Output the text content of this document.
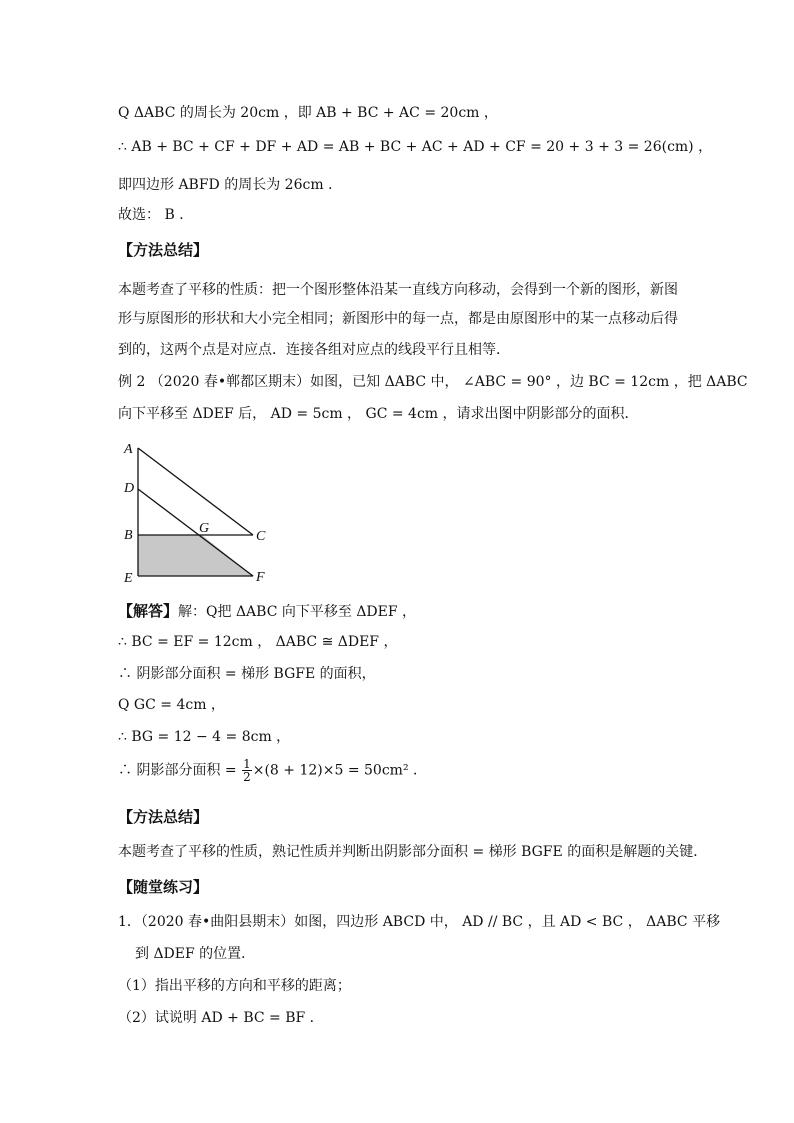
Q ΔABC 的周长为 20cm ，即 AB + BC + AC = 20cm ，
∴ AB + BC + CF + DF + AD = AB + BC + AC + AD + CF = 20 + 3 + 3 = 26(cm) ，
即四边形 ABFD 的周长为 26cm ．
故选： B ．
【方法总结】
本题考查了平移的性质：把一个图形整体沿某一直线方向移动，会得到一个新的图形，新图
形与原图形的形状和大小完全相同；新图形中的每一点，都是由原图形中的某一点移动后得
到的，这两个点是对应点．连接各组对应点的线段平行且相等．
例 2 （2020 春•郸都区期末）如图，已知 ΔABC 中， ∠ABC = 90° ，边 BC = 12cm ，把 ΔABC
向下平移至 ΔDEF 后， AD = 5cm ， GC = 4cm ，请求出图中阴影部分的面积．
A
D
B	G
C
E	F
【解答】解：Q把 ΔABC 向下平移至 ΔDEF ，
∴ BC = EF = 12cm ， ΔABC ≅ ΔDEF ，
∴ 阴影部分面积 = 梯形 BGFE 的面积，
Q GC = 4cm ，
∴ BG = 12 − 4 = 8cm ，
∴ 阴影部分面积 = $\frac{1}{2} \times(8 + 12)\times 5 = 50cm^2$ ．
【方法总结】
本题考查了平移的性质，熟记性质并判断出阴影部分面积 = 梯形 BGFE 的面积是解题的关键．
【随堂练习】
1．（2020 春•曲阳县期末）如图，四边形 ABCD 中， AD // BC ，且 AD < BC ， ΔABC 平移
到 ΔDEF 的位置．
（1）指出平移的方向和平移的距离；
（2）试说明 AD + BC = BF ．
